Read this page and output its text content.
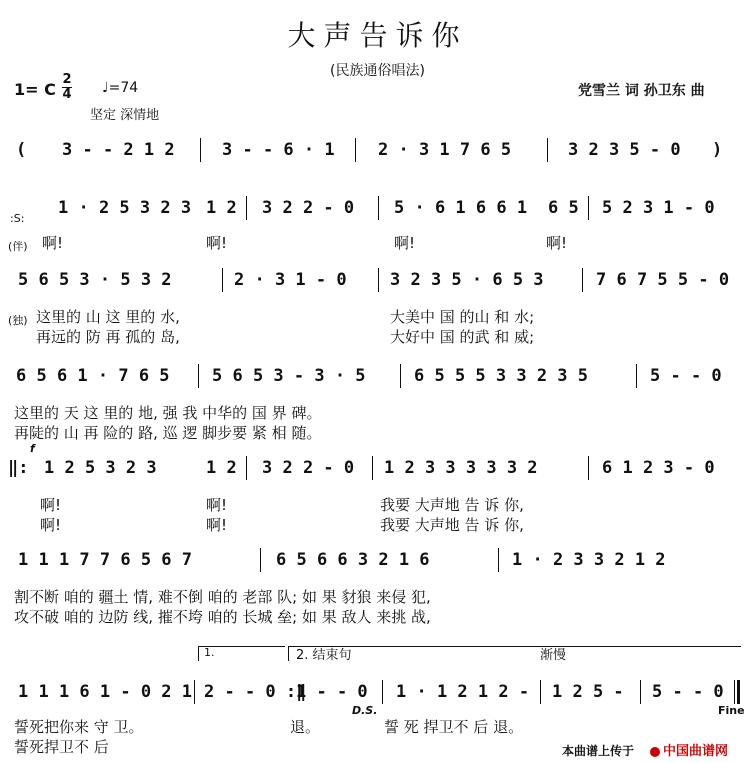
大声告诉你
(民族通俗唱法)
1= C
2
4 ♩=74
坚定 深情地
党雪兰 词 孙卫东 曲
( 3 - - 2 1 2	3 - - 6 · 1	2 · 3 1 7 6 5	3 2 3 5 - 0 )
:S:
1 · 2 5 3 2 3 1 2 3 2 2 - 0 5 · 6 1 6 6 1 6 5 5 2 3 1 - 0
(伴) 啊!	啊!	啊!	啊!
5 6 5 3 · 5 3 2	2 · 3 1 - 0	3 2 3 5 · 6 5 3	7 6 7 5 5 - 0
(独) 这里的 山 这 里的 水,	大美中 国 的山 和 水;
再远的 防 再 孤的 岛,	大好中 国 的武 和 威;
6 5 6 1 · 7 6 5 5 6 5 3 - 3 · 5	6 5 5 5 3 3 2 3 5	5 - - 0
这里的 天 这 里的 地, 强 我 中华的 国 界 碑。
再陡的 山 再 险的 路, 巡 逻 脚步要 紧 相 随。
‖:
f
1 2 5 3 2 3	1 2 3 2 2 - 0 1 2 3 3 3 3 3 2	6 1 2 3 - 0
啊!	啊!	我要 大声地 告 诉 你,
啊!	啊!	我要 大声地 告 诉 你,
1 1 1 7 7 6 5 6 7	6 5 6 6 3 2 1 6	1 · 2 3 3 2 1 2
割不断 咱的 疆土 情, 难不倒 咱的 老部 队; 如 果 豺狼 来侵 犯,
攻不破 咱的 边防 线, 摧不垮 咱的 长城 垒; 如 果 敌人 来挑 战,
1.	2. 结束句	渐慢
1 1 1 6 1 - 0 2 1 2 - - 0 :‖
1 - - 0 1 · 1 2 1 2 - 1 2 5 - 5 - - 0
D.S.	Fine
誓死把你来 守 卫。	退。	誓 死 捍卫不 后 退。
誓死捍卫不 后	本曲谱上传于	中国曲谱网
